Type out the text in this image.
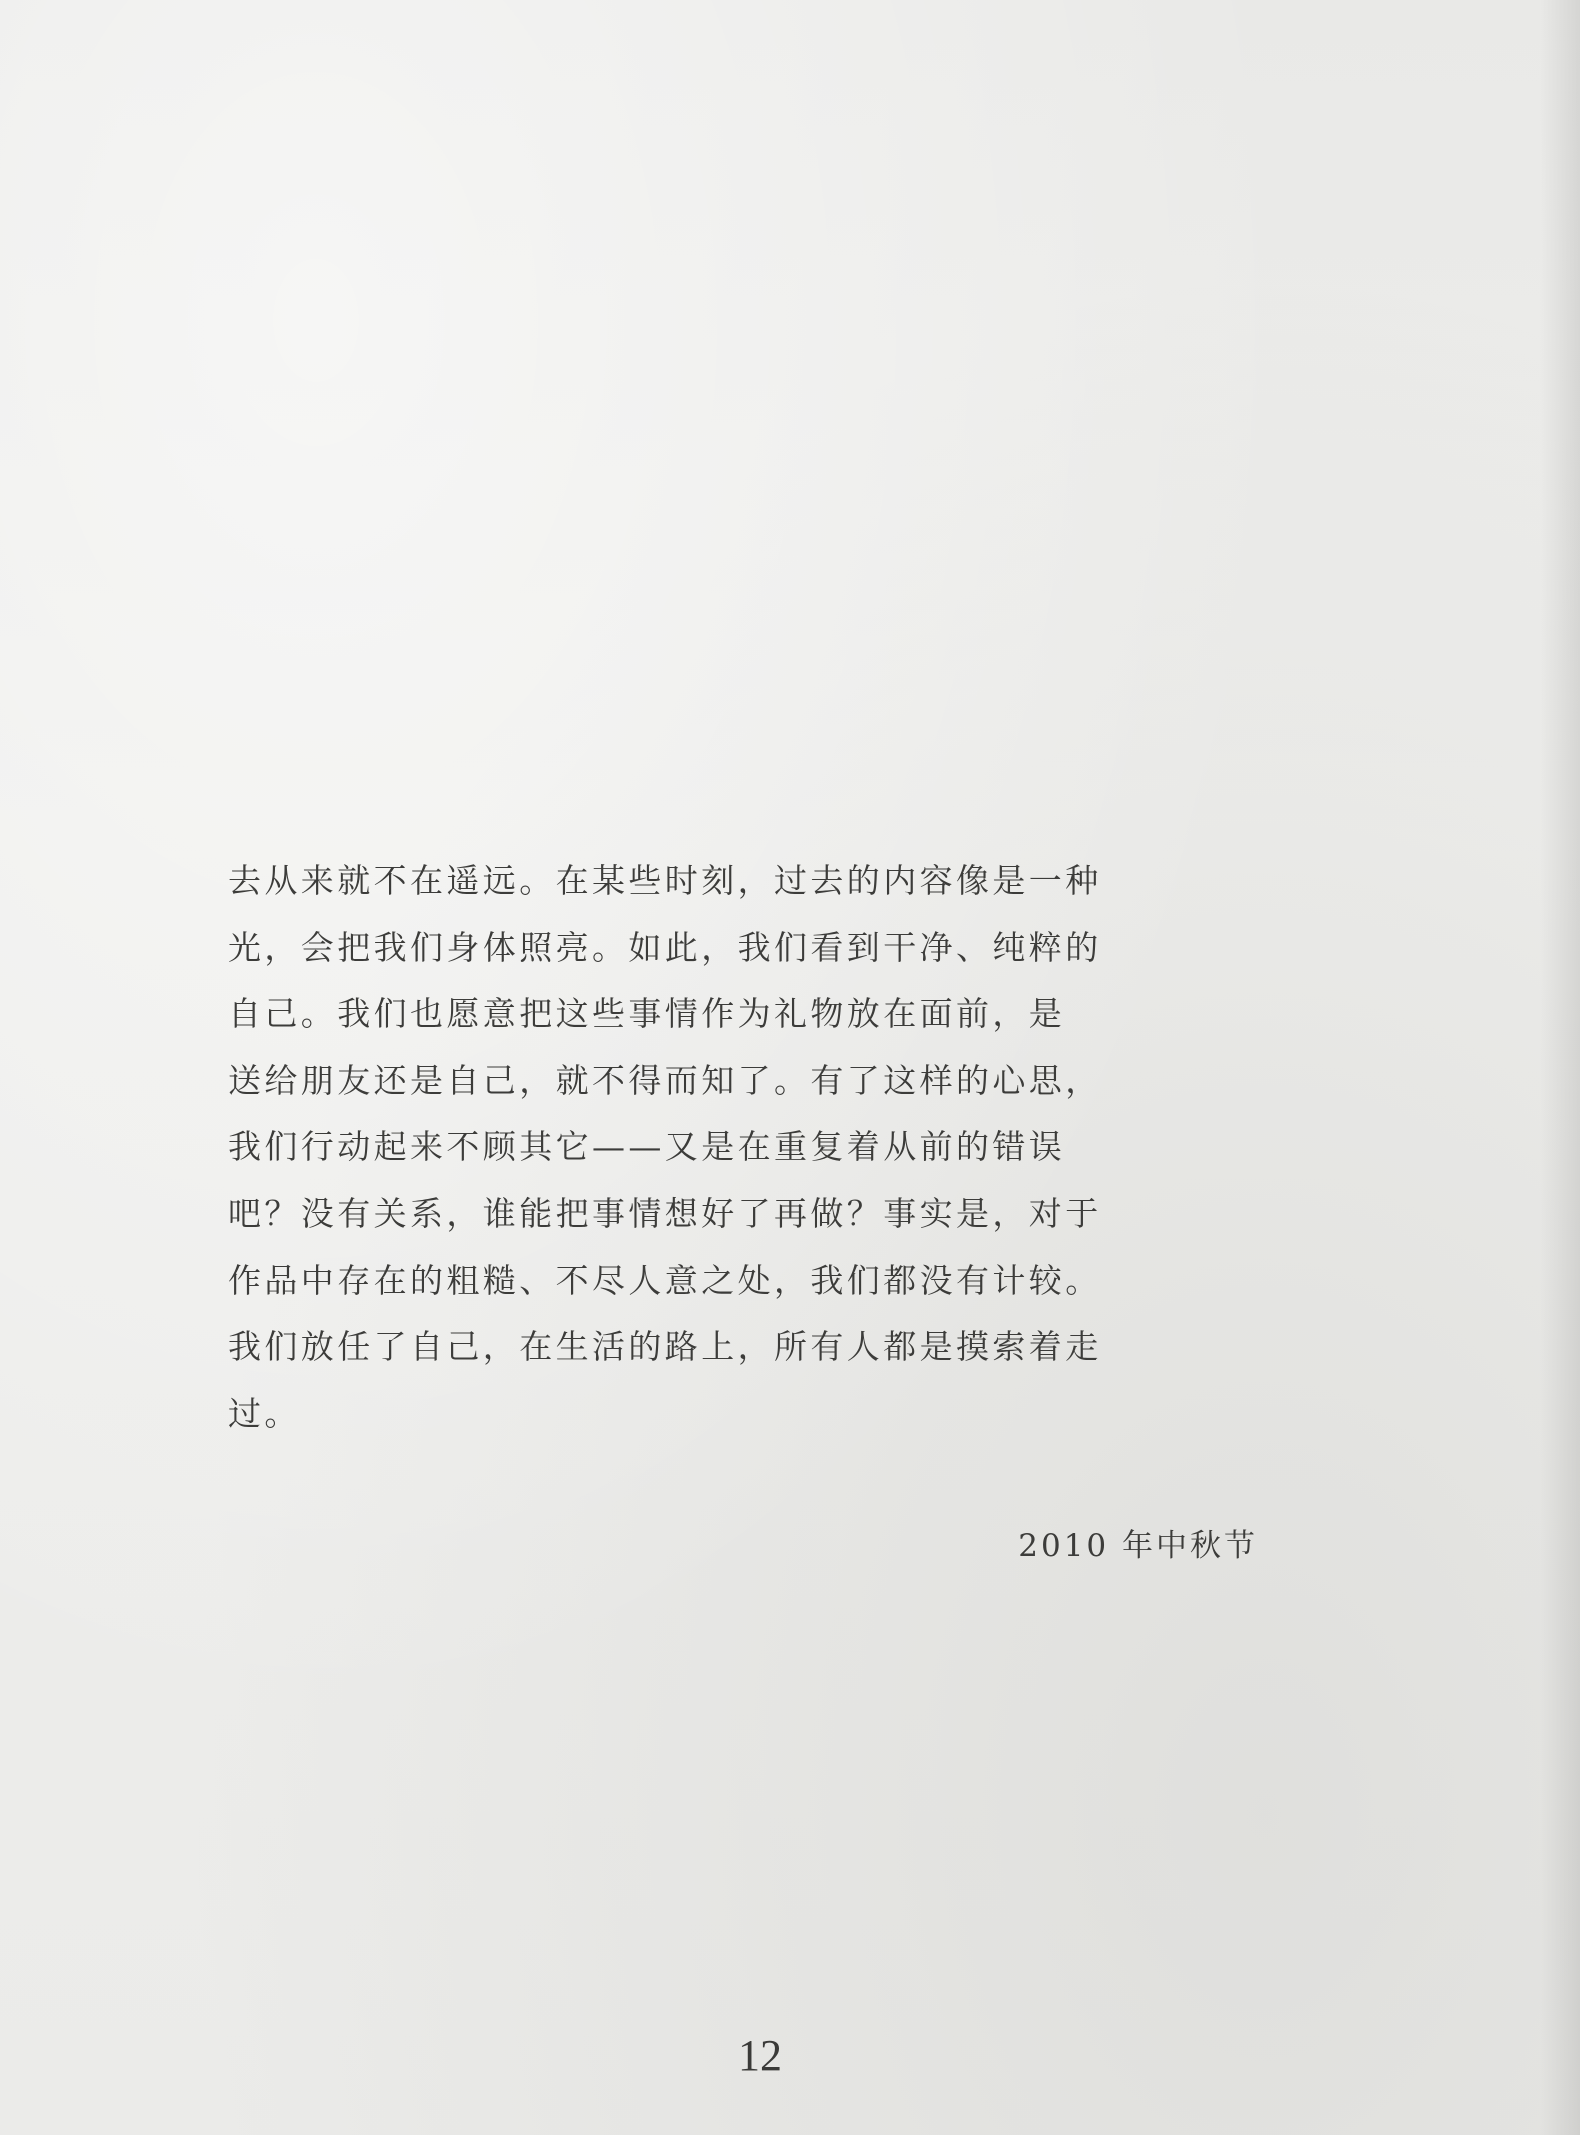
去从来就不在遥远。在某些时刻，过去的内容像是一种
光，会把我们身体照亮。如此，我们看到干净、纯粹的
自己。我们也愿意把这些事情作为礼物放在面前，是
送给朋友还是自己，就不得而知了。有了这样的心思，
我们行动起来不顾其它——又是在重复着从前的错误
吧？没有关系，谁能把事情想好了再做？事实是，对于
作品中存在的粗糙、不尽人意之处，我们都没有计较。
我们放任了自己，在生活的路上，所有人都是摸索着走
过。

2010 年中秋节

12
